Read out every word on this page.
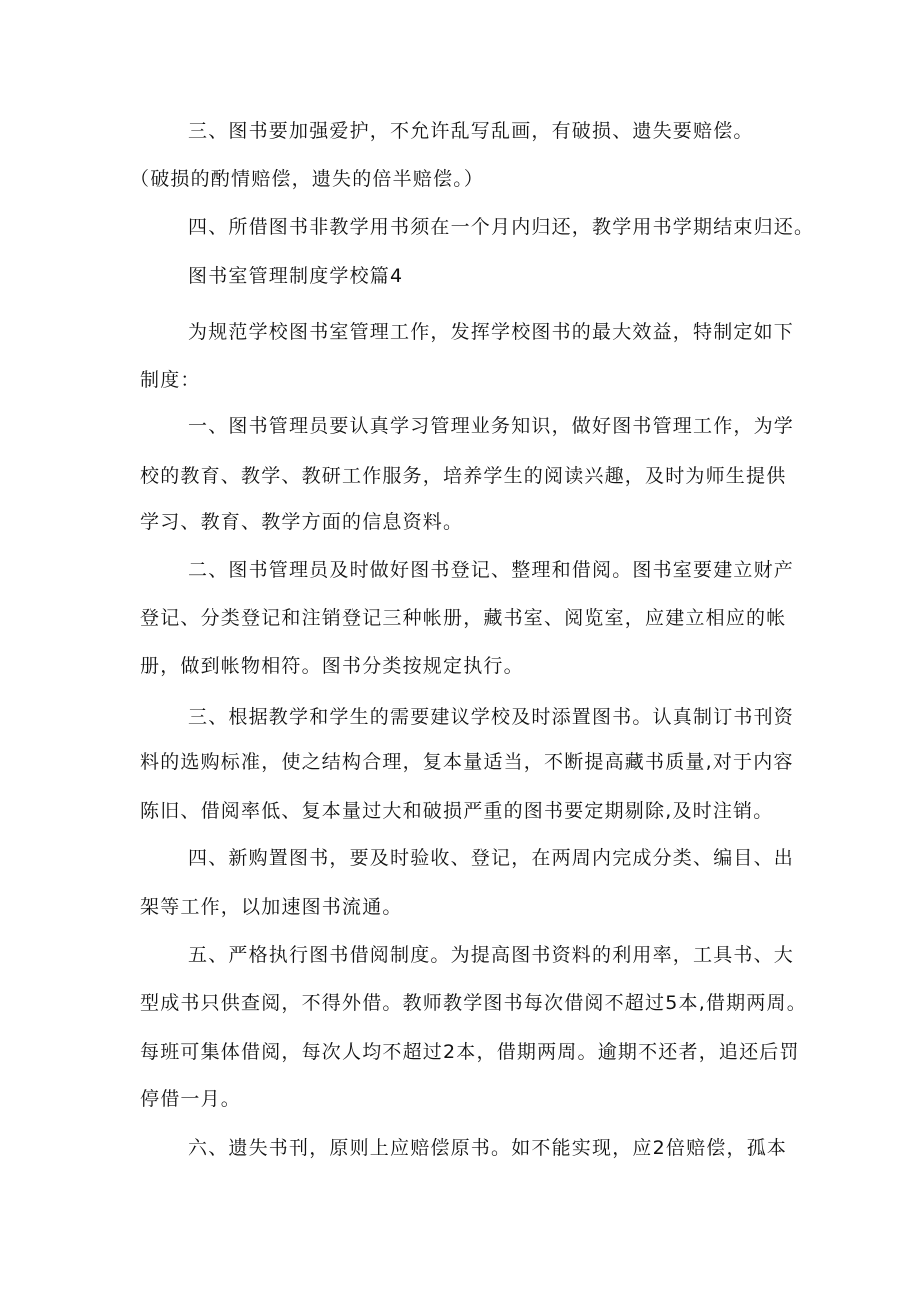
三、图书要加强爱护，不允许乱写乱画，有破损、遗失要赔偿。
（破损的酌情赔偿，遗失的倍半赔偿。）
四、所借图书非教学用书须在一个月内归还，教学用书学期结束归还。
图书室管理制度学校篇4
为规范学校图书室管理工作，发挥学校图书的最大效益，特制定如下
制度：
一、图书管理员要认真学习管理业务知识，做好图书管理工作，为学
校的教育、教学、教研工作服务，培养学生的阅读兴趣，及时为师生提供
学习、教育、教学方面的信息资料。
二、图书管理员及时做好图书登记、整理和借阅。图书室要建立财产
登记、分类登记和注销登记三种帐册，藏书室、阅览室，应建立相应的帐
册，做到帐物相符。图书分类按规定执行。
三、根据教学和学生的需要建议学校及时添置图书。认真制订书刊资
料的选购标准，使之结构合理，复本量适当，不断提高藏书质量,对于内容
陈旧、借阅率低、复本量过大和破损严重的图书要定期剔除,及时注销。
四、新购置图书，要及时验收、登记，在两周内完成分类、编目、出
架等工作，以加速图书流通。
五、严格执行图书借阅制度。为提高图书资料的利用率，工具书、大
型成书只供查阅，不得外借。教师教学图书每次借阅不超过5本,借期两周。
每班可集体借阅，每次人均不超过2本，借期两周。逾期不还者，追还后罚
停借一月。
六、遗失书刊，原则上应赔偿原书。如不能实现，应2倍赔偿，孤本
